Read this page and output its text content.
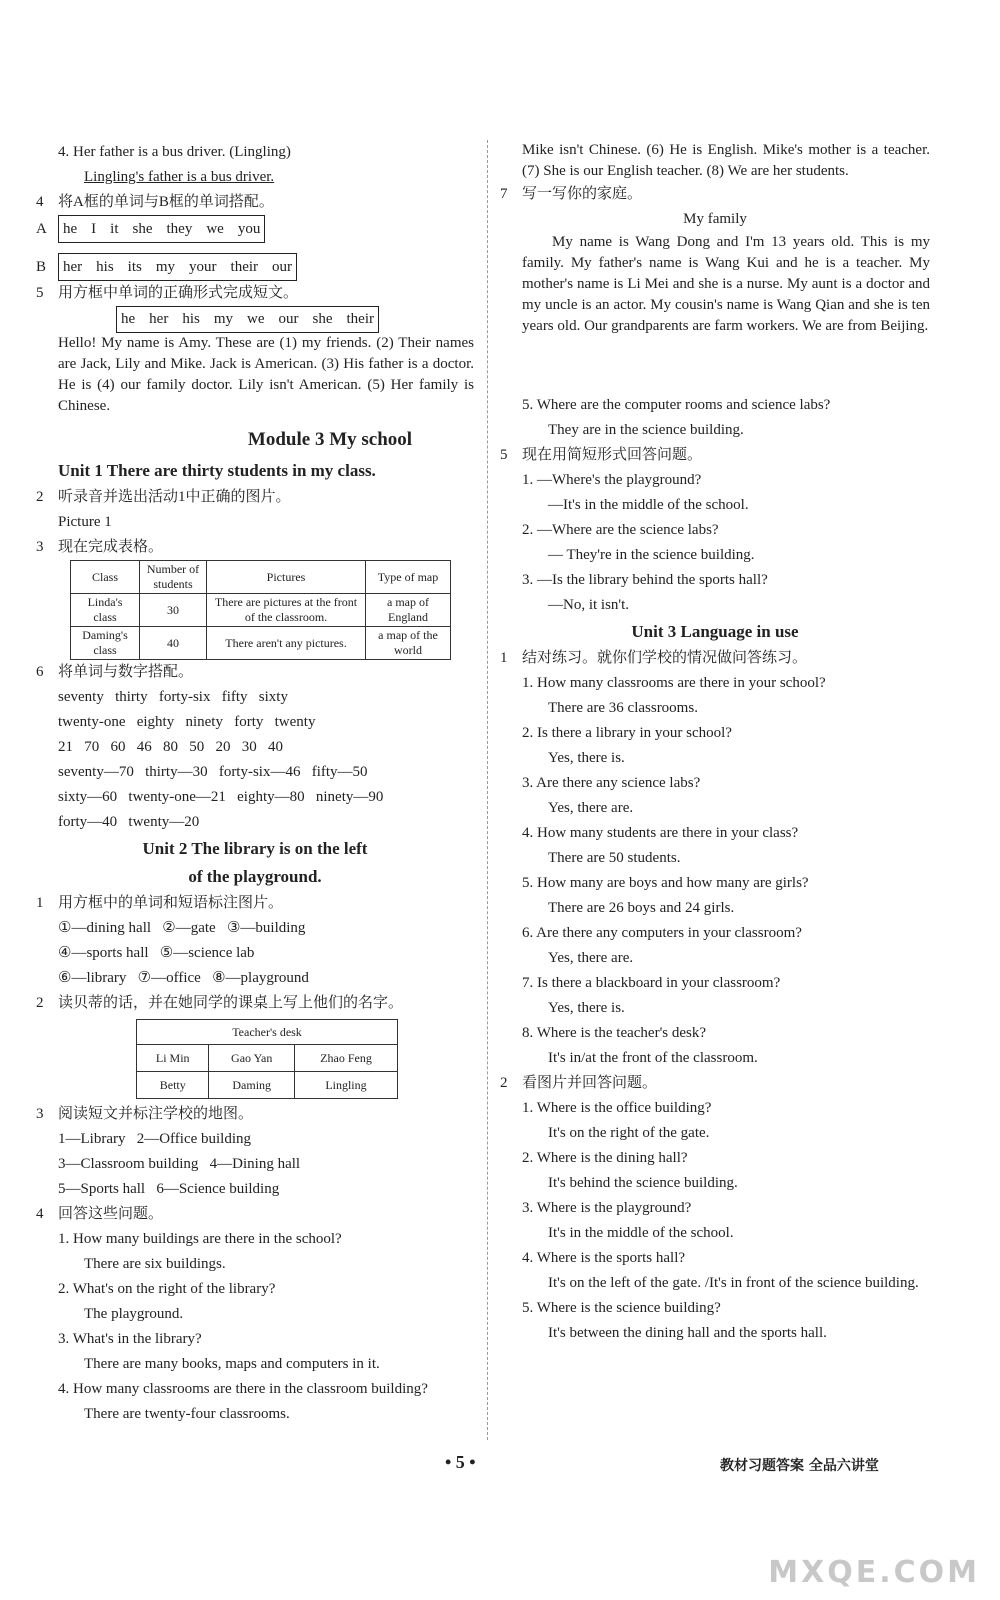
4. Her father is a bus driver. (Lingling)
Lingling's father is a bus driver.
4 将A框的单词与B框的单词搭配。
A he I it she they we you
B her his its my your their our
5 用方框中单词的正确形式完成短文。
he her his my we our she their
Hello! My name is Amy. These are (1) my friends. (2) Their names are Jack, Lily and Mike. Jack is American. (3) His father is a doctor. He is (4) our family doctor. Lily isn't American. (5) Her family is Chinese.
Module 3 My school
Unit 1 There are thirty students in my class.
2 听录音并选出活动1中正确的图片。
Picture 1
3 现在完成表格。
Class	Number of students	Pictures	Type of map
Linda's class	30	There are pictures at the front of the classroom.	a map of England
Daming's class	40	There aren't any pictures.	a map of the world
6 将单词与数字搭配。
seventy   thirty   forty-six   fifty   sixty
twenty-one   eighty   ninety   forty   twenty
21   70   60   46   80   50   20   30   40
seventy—70   thirty—30   forty-six—46   fifty—50
sixty—60   twenty-one—21   eighty—80   ninety—90
forty—40   twenty—20
Unit 2 The library is on the left
of the playground.
1 用方框中的单词和短语标注图片。
①—dining hall   ②—gate   ③—building
④—sports hall   ⑤—science lab
⑥—library   ⑦—office   ⑧—playground
2 读贝蒂的话，并在她同学的课桌上写上他们的名字。
Teacher's desk		
Li Min	Gao Yan	Zhao Feng
Betty	Daming	Lingling
3 阅读短文并标注学校的地图。
1—Library   2—Office building
3—Classroom building   4—Dining hall
5—Sports hall   6—Science building
4 回答这些问题。
1. How many buildings are there in the school?
There are six buildings.
2. What's on the right of the library?
The playground.
3. What's in the library?
There are many books, maps and computers in it.
4. How many classrooms are there in the classroom building?
There are twenty-four classrooms.
Mike isn't Chinese. (6) He is English. Mike's mother is a teacher. (7) She is our English teacher. (8) We are her students.
7 写一写你的家庭。
My family
My name is Wang Dong and I'm 13 years old. This is my family. My father's name is Wang Kui and he is a teacher. My mother's name is Li Mei and she is a nurse. My aunt is a doctor and my uncle is an actor. My cousin's name is Wang Qian and she is ten years old. Our grandparents are farm workers. We are from Beijing.
5. Where are the computer rooms and science labs?
They are in the science building.
5 现在用简短形式回答问题。
1. —Where's the playground?
—It's in the middle of the school.
2. —Where are the science labs?
— They're in the science building.
3. —Is the library behind the sports hall?
—No, it isn't.
Unit 3 Language in use
1 结对练习。就你们学校的情况做问答练习。
1. How many classrooms are there in your school?
There are 36 classrooms.
2. Is there a library in your school?
Yes, there is.
3. Are there any science labs?
Yes, there are.
4. How many students are there in your class?
There are 50 students.
5. How many are boys and how many are girls?
There are 26 boys and 24 girls.
6. Are there any computers in your classroom?
Yes, there are.
7. Is there a blackboard in your classroom?
Yes, there is.
8. Where is the teacher's desk?
It's in/at the front of the classroom.
2 看图片并回答问题。
1. Where is the office building?
It's on the right of the gate.
2. Where is the dining hall?
It's behind the science building.
3. Where is the playground?
It's in the middle of the school.
4. Where is the sports hall?
It's on the left of the gate. /It's in front of the science building.
5. Where is the science building?
It's between the dining hall and the sports hall.
• 5 •	教材习题答案 全品六讲堂
MXQE.COM
